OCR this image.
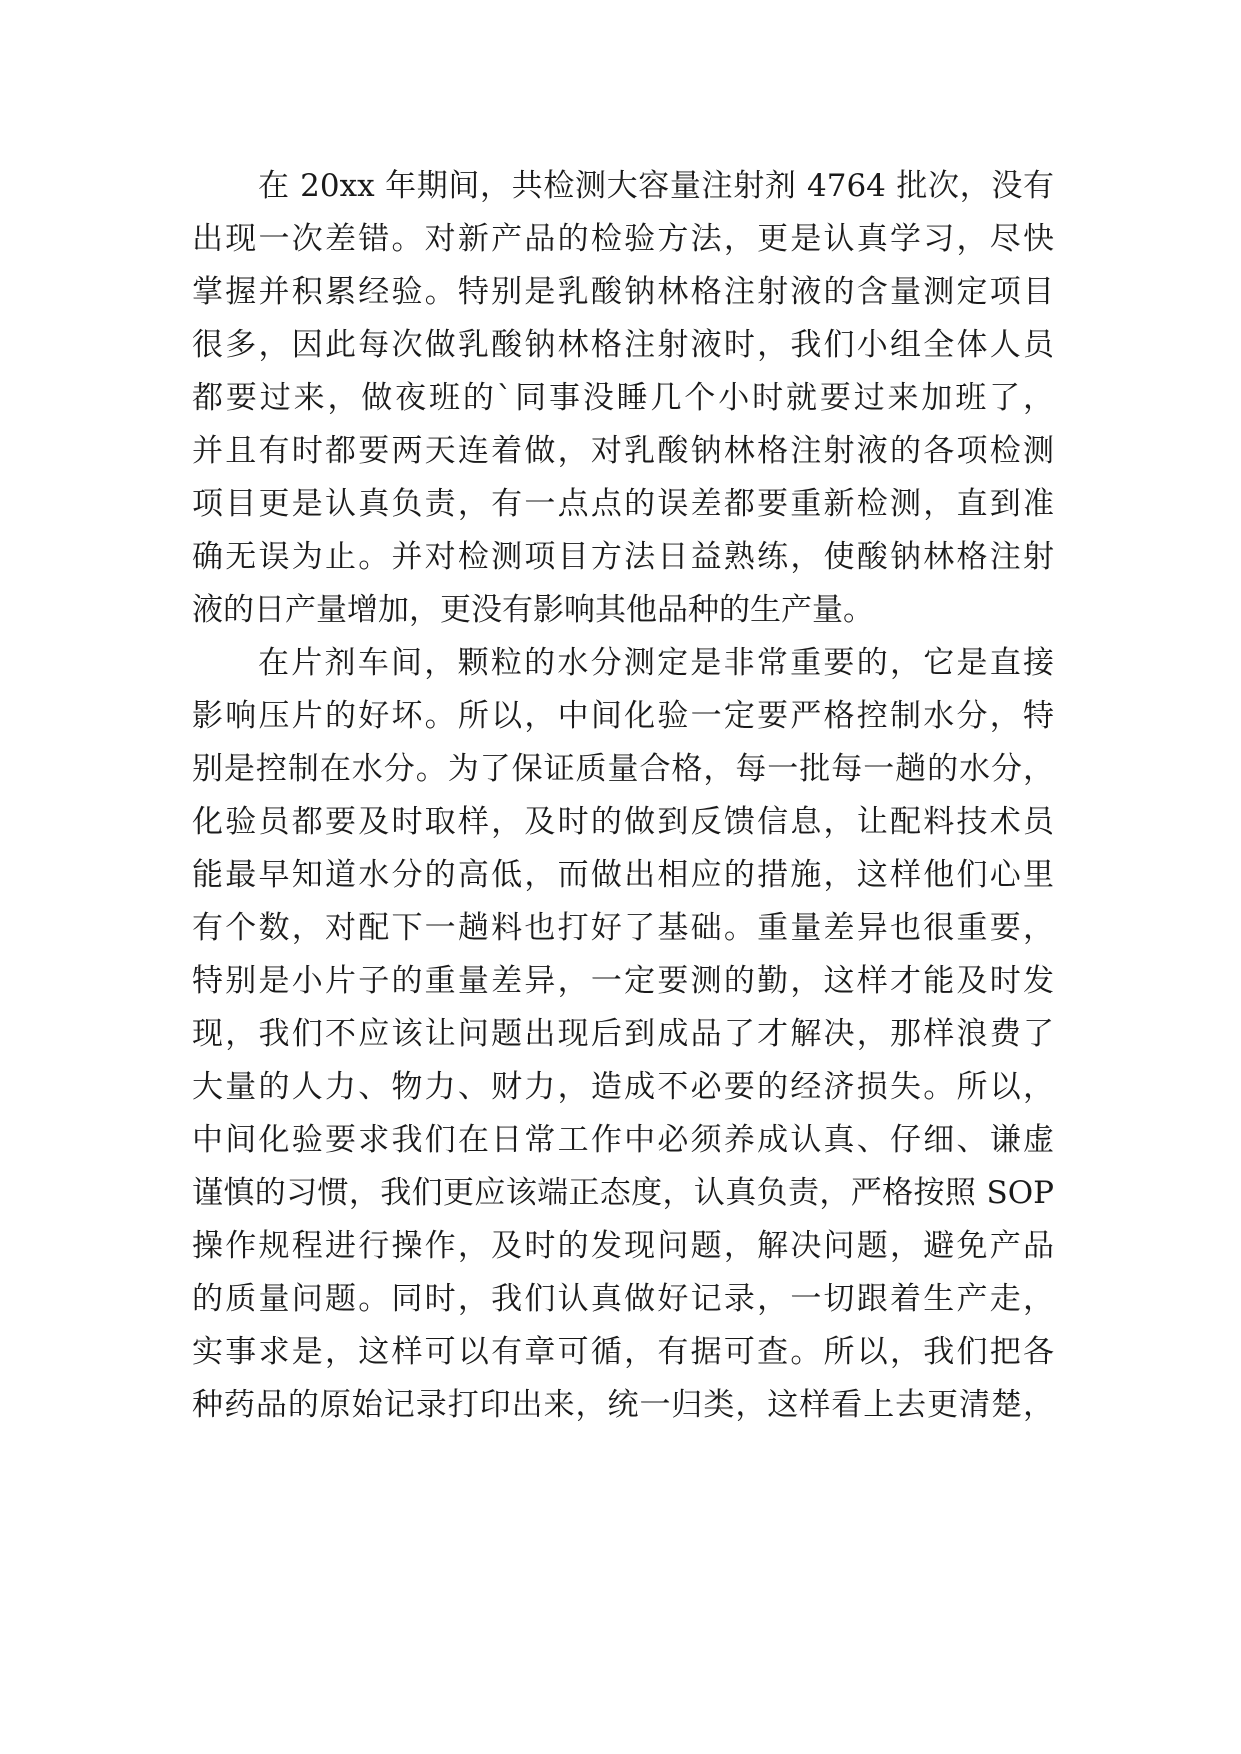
在 20xx 年期间，共检测大容量注射剂 4764 批次，没有
出现一次差错。对新产品的检验方法，更是认真学习，尽快
掌握并积累经验。特别是乳酸钠林格注射液的含量测定项目
很多，因此每次做乳酸钠林格注射液时，我们小组全体人员
都要过来，做夜班的`同事没睡几个小时就要过来加班了，
并且有时都要两天连着做，对乳酸钠林格注射液的各项检测
项目更是认真负责，有一点点的误差都要重新检测，直到准
确无误为止。并对检测项目方法日益熟练，使酸钠林格注射
液的日产量增加，更没有影响其他品种的生产量。
在片剂车间，颗粒的水分测定是非常重要的，它是直接
影响压片的好坏。所以，中间化验一定要严格控制水分，特
别是控制在水分。为了保证质量合格，每一批每一趟的水分，
化验员都要及时取样，及时的做到反馈信息，让配料技术员
能最早知道水分的高低，而做出相应的措施，这样他们心里
有个数，对配下一趟料也打好了基础。重量差异也很重要，
特别是小片子的重量差异，一定要测的勤，这样才能及时发
现，我们不应该让问题出现后到成品了才解决，那样浪费了
大量的人力、物力、财力，造成不必要的经济损失。所以，
中间化验要求我们在日常工作中必须养成认真、仔细、谦虚
谨慎的习惯，我们更应该端正态度，认真负责，严格按照 SOP
操作规程进行操作，及时的发现问题，解决问题，避免产品
的质量问题。同时，我们认真做好记录，一切跟着生产走，
实事求是，这样可以有章可循，有据可查。所以，我们把各
种药品的原始记录打印出来，统一归类，这样看上去更清楚，
